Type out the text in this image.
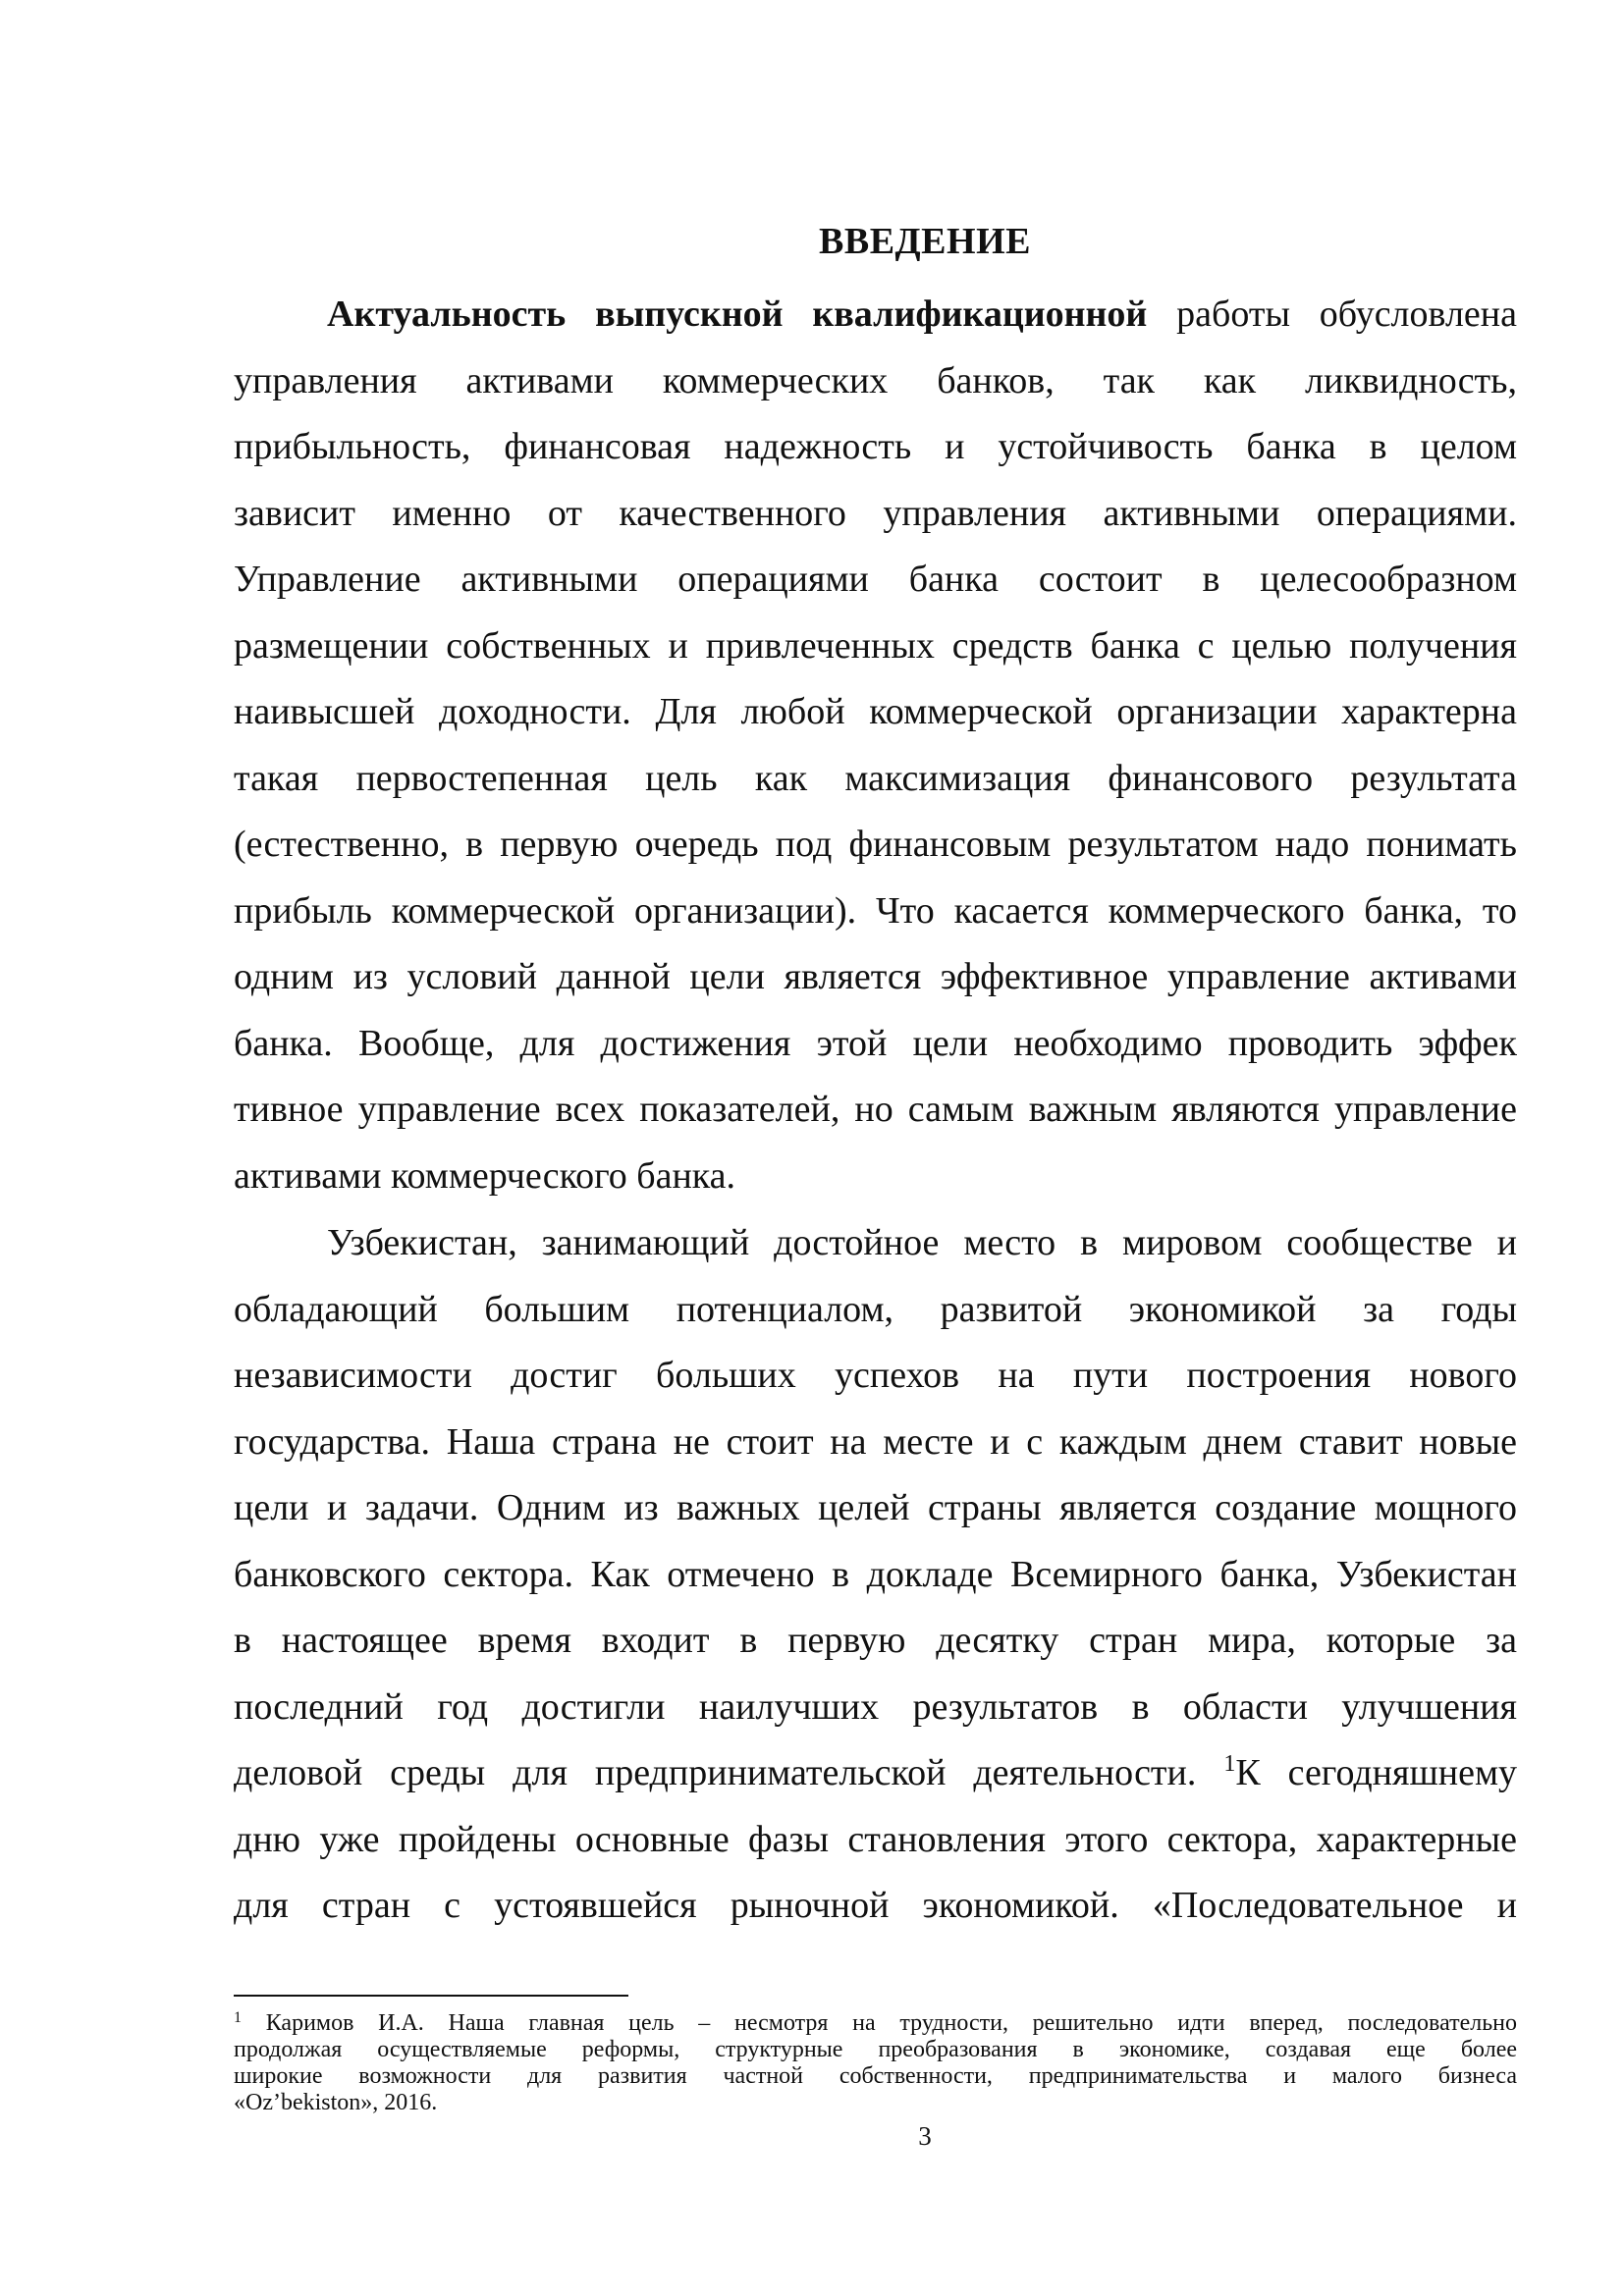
ВВЕДЕНИЕ
Актуальность выпускной квалификационной работы обусловлена
управления активами коммерческих банков, так как ликвидность,
прибыльность, финансовая надежность и устойчивость банка в целом
зависит именно от качественного управления активными операциями.
Управление активными операциями банка состоит в целесообразном
размещении собственных и привлеченных средств банка с целью получения
наивысшей доходности. Для любой коммерческой организации характерна
такая первостепенная цель как максимизация финансового результата
(естественно, в первую очередь под финансовым результатом надо понимать
прибыль коммерческой организации). Что касается коммерческого банка, то
одним из условий данной цели является эффективное управление активами
банка. Вообще, для достижения этой цели необходимо проводить эффек
тивное управление всех показателей, но самым важным являются управление
активами коммерческого банка.
Узбекистан, занимающий достойное место в мировом сообществе и
обладающий большим потенциалом, развитой экономикой за годы
независимости достиг больших успехов на пути построения нового
государства. Наша страна не стоит на месте и с каждым днем ставит новые
цели и задачи. Одним из важных целей страны является создание мощного
банковского сектора. Как отмечено в докладе Всемирного банка, Узбекистан
в настоящее время входит в первую десятку стран мира, которые за
последний год достигли наилучших результатов в области улучшения
деловой среды для предпринимательской деятельности. $^1$К сегодняшнему
дню уже пройдены основные фазы становления этого сектора, характерные
для стран с устоявшейся рыночной экономикой. «Последовательное и
$^1$ Каримов И.А. Наша главная цель – несмотря на трудности, решительно идти вперед, последовательно
продолжая осуществляемые реформы, структурные преобразования в экономике, создавая еще более
широкие возможности для развития частной собственности, предпринимательства и малого бизнеса
«Oz’bekiston», 2016.
3
